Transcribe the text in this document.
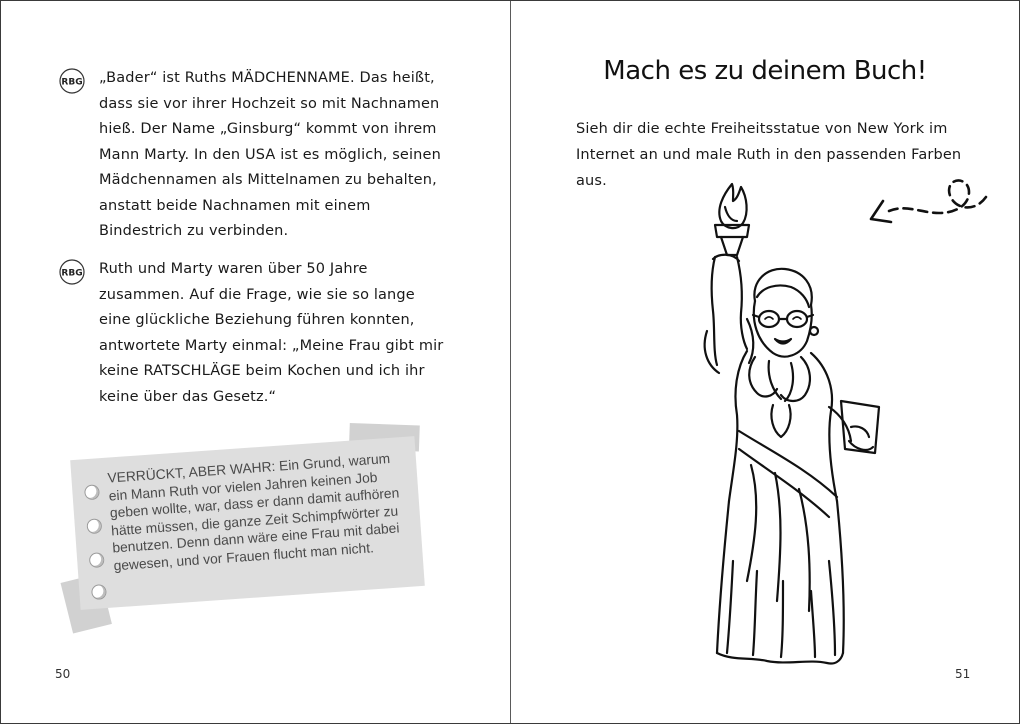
RBG „Bader“ ist Ruths MÄDCHENNAME. Das heißt, dass sie vor ihrer Hochzeit so mit Nachnamen hieß. Der Name „Ginsburg“ kommt von ihrem Mann Marty. In den USA ist es möglich, seinen Mädchennamen als Mittelnamen zu behalten, anstatt beide Nachnamen mit einem Bindestrich zu verbinden.
RBG Ruth und Marty waren über 50 Jahre zusammen. Auf die Frage, wie sie so lange eine glückliche Beziehung führen konnten, antwortete Marty einmal: „Meine Frau gibt mir keine RATSCHLÄGE beim Kochen und ich ihr keine über das Gesetz.“
VERRÜCKT, ABER WAHR: Ein Grund, warum ein Mann Ruth vor vielen Jahren keinen Job geben wollte, war, dass er dann damit aufhören hätte müssen, die ganze Zeit Schimpfwörter zu benutzen. Denn dann wäre eine Frau mit dabei gewesen, und vor Frauen flucht man nicht.
50
Mach es zu deinem Buch!
Sieh dir die echte Freiheitsstatue von New York im Internet an und male Ruth in den passenden Farben aus.
51
